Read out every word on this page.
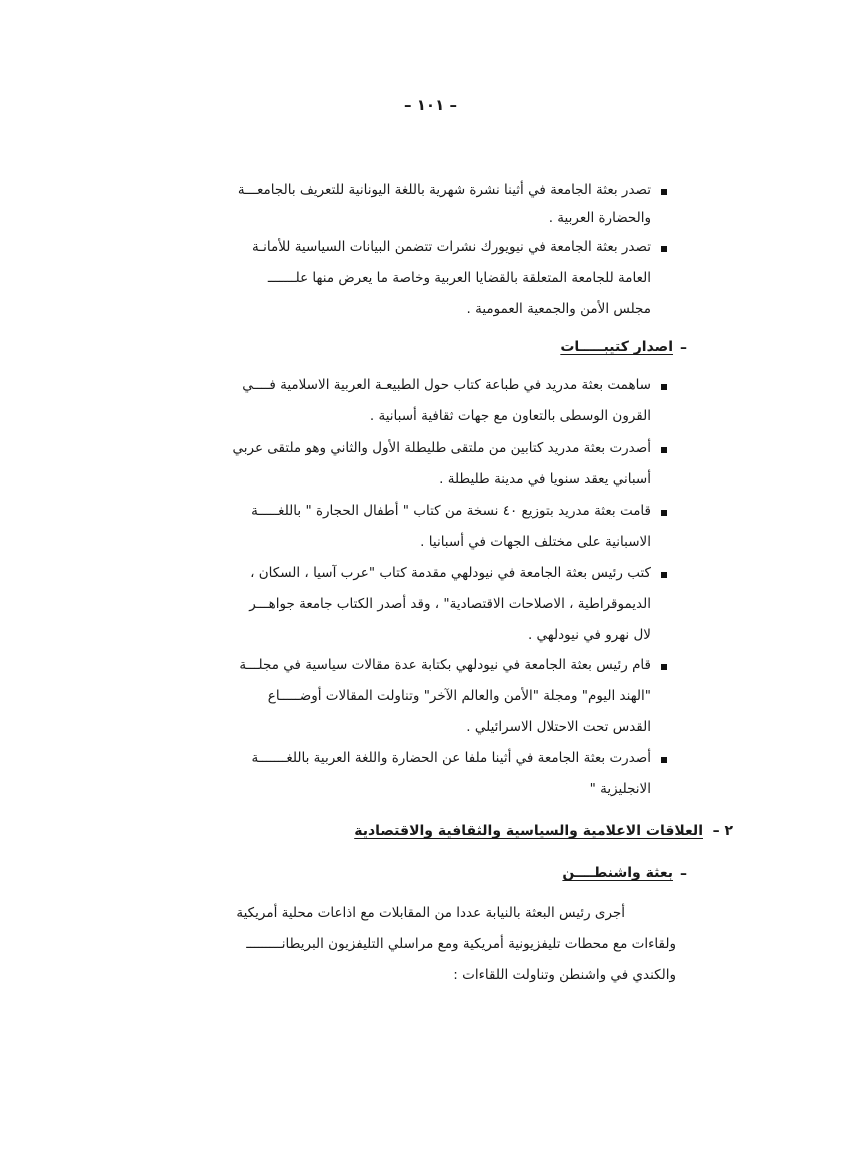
– ١٠١ –
تصدر بعثة الجامعة في أثينا نشرة شهرية باللغة اليونانية للتعريف بالجامعـــة
والحضارة العربية .
تصدر بعثة الجامعة في نيويورك نشرات تتضمن البيانات السياسية للأمانـة
العامة للجامعة المتعلقة بالقضايا العربية وخاصة ما يعرض منها علـــــــ
مجلس الأمن والجمعية العمومية .
–
اصدار كتيبـــــات
ساهمت بعثة مدريد في طباعة كتاب حول الطبيعـة العربية الاسلامية فــــي
القرون الوسطى بالتعاون مع جهات ثقافية أسبانية .
أصدرت بعثة مدريد كتابين من ملتقى طليطلة الأول والثاني وهو ملتقى عربي
أسباني يعقد سنويا في مدينة طليطلة .
قامت بعثة مدريد بتوزيع ٤٠ نسخة من كتاب " أطفال الحجارة " باللغـــــة
الاسبانية على مختلف الجهات في أسبانيا .
كتب رئيس بعثة الجامعة في نيودلهي مقدمة كتاب "عرب آسيا ، السكان ،
الديموقراطية ، الاصلاحات الاقتصادية" ، وقد أصدر الكتاب جامعة جواهـــر
لال نهرو في نيودلهي .
قام رئيس بعثة الجامعة في نيودلهي بكتابة عدة مقالات سياسية في مجلـــة
"الهند اليوم" ومجلة "الأمن والعالم الآخر" وتناولت المقالات أوضـــــاع
القدس تحت الاحتلال الاسرائيلي .
أصدرت بعثة الجامعة في أثينا ملفا عن الحضارة واللغة العربية باللغـــــــة
الانجليزية "
٢ –
العلاقات الاعلامية والسياسية والثقافية والاقتصادية
–
بعثة واشنطــــن
أجرى رئيس البعثة بالنيابة عددا من المقابلات مع اذاعات محلية أمريكية
ولقاءات مع محطات تليفزيونية أمريكية ومع مراسلي التليفزيون البريطانـــــــــ
والكندي في واشنطن وتناولت اللقاءات :
